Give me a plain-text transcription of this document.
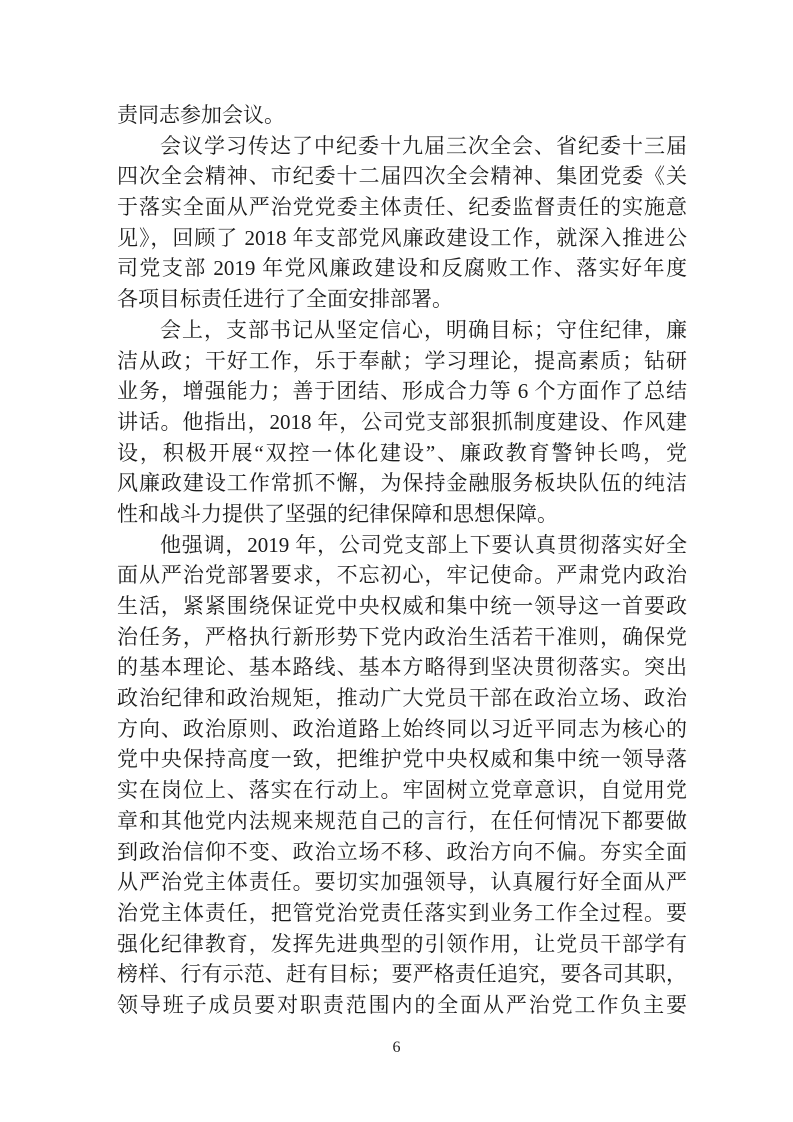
责同志参加会议。
会议学习传达了中纪委十九届三次全会、省纪委十三届
四次全会精神、市纪委十二届四次全会精神、集团党委《关
于落实全面从严治党党委主体责任、纪委监督责任的实施意
见》，回顾了 2018 年支部党风廉政建设工作，就深入推进公
司党支部 2019 年党风廉政建设和反腐败工作、落实好年度
各项目标责任进行了全面安排部署。
会上，支部书记从坚定信心，明确目标；守住纪律，廉
洁从政；干好工作，乐于奉献；学习理论，提高素质；钻研
业务，增强能力；善于团结、形成合力等 6 个方面作了总结
讲话。他指出，2018 年，公司党支部狠抓制度建设、作风建
设，积极开展“双控一体化建设”、廉政教育警钟长鸣，党
风廉政建设工作常抓不懈，为保持金融服务板块队伍的纯洁
性和战斗力提供了坚强的纪律保障和思想保障。
他强调，2019 年，公司党支部上下要认真贯彻落实好全
面从严治党部署要求，不忘初心，牢记使命。严肃党内政治
生活，紧紧围绕保证党中央权威和集中统一领导这一首要政
治任务，严格执行新形势下党内政治生活若干准则，确保党
的基本理论、基本路线、基本方略得到坚决贯彻落实。突出
政治纪律和政治规矩，推动广大党员干部在政治立场、政治
方向、政治原则、政治道路上始终同以习近平同志为核心的
党中央保持高度一致，把维护党中央权威和集中统一领导落
实在岗位上、落实在行动上。牢固树立党章意识，自觉用党
章和其他党内法规来规范自己的言行，在任何情况下都要做
到政治信仰不变、政治立场不移、政治方向不偏。夯实全面
从严治党主体责任。要切实加强领导，认真履行好全面从严
治党主体责任，把管党治党责任落实到业务工作全过程。要
强化纪律教育，发挥先进典型的引领作用，让党员干部学有
榜样、行有示范、赶有目标；要严格责任追究，要各司其职，
领导班子成员要对职责范围内的全面从严治党工作负主要
6
